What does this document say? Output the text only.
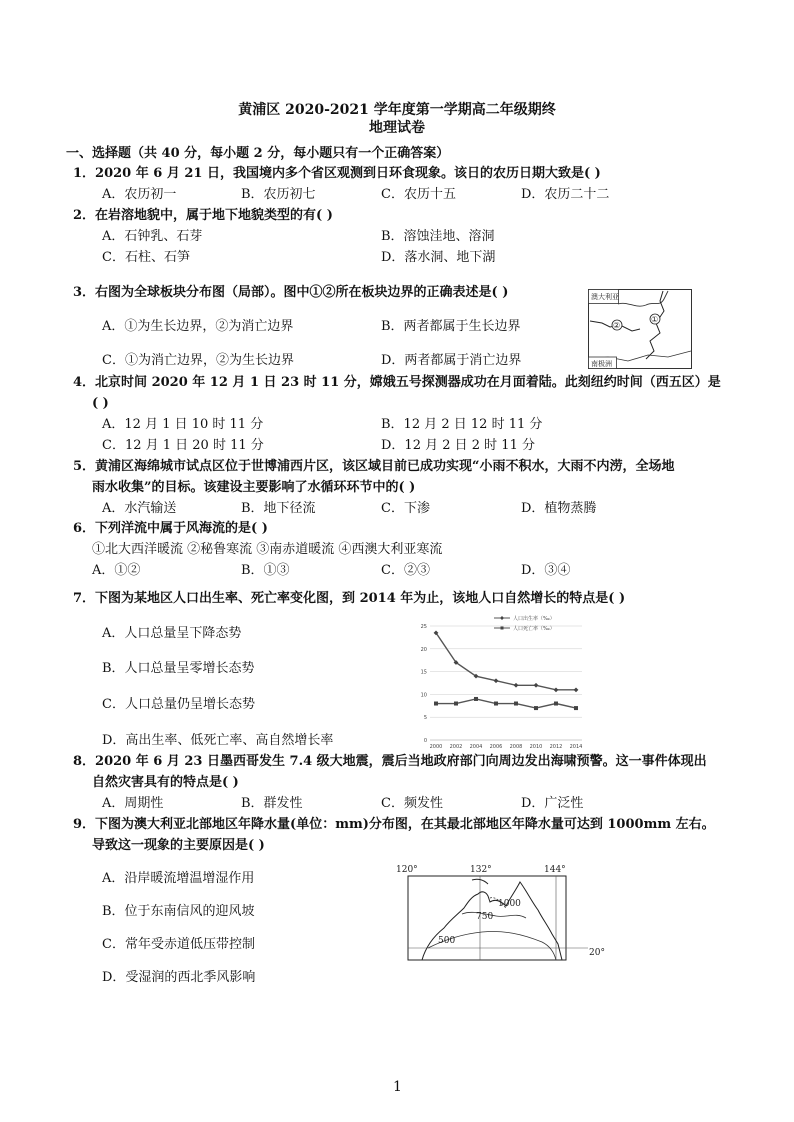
黄浦区 2020-2021 学年度第一学期高二年级期终
地理试卷
一、选择题（共 40 分，每小题 2 分，每小题只有一个正确答案）
1．2020 年 6 月 21 日，我国境内多个省区观测到日环食现象。该日的农历日期大致是( )
A．农历初一	B．农历初七	C．农历十五	D．农历二十二
2．在岩溶地貌中，属于地下地貌类型的有( )
A．石钟乳、石芽	B．溶蚀洼地、溶洞
C．石柱、石笋	D．落水洞、地下湖
3．右图为全球板块分布图（局部）。图中①②所在板块边界的正确表述是( )
A．①为生长边界，②为消亡边界	B．两者都属于生长边界
C．①为消亡边界，②为生长边界	D．两者都属于消亡边界
澳大利亚
①
②
南极洲
4．北京时间 2020 年 12 月 1 日 23 时 11 分，嫦娥五号探测器成功在月面着陆。此刻纽约时间（西五区）是
( )
A．12 月 1 日 10 时 11 分	B．12 月 2 日 12 时 11 分
C．12 月 1 日 20 时 11 分	D．12 月 2 日 2 时 11 分
5．黄浦区海绵城市试点区位于世博浦西片区，该区域目前已成功实现“小雨不积水，大雨不内涝，全场地
雨水收集”的目标。该建设主要影响了水循环环节中的( )
A．水汽输送	B．地下径流	C．下渗	D．植物蒸腾
6．下列洋流中属于风海流的是( )
①北大西洋暖流 ②秘鲁寒流 ③南赤道暖流 ④西澳大利亚寒流
A．①②	B．①③	C．②③	D．③④
7．下图为某地区人口出生率、死亡率变化图，到 2014 年为止，该地人口自然增长的特点是( )
A．人口总量呈下降态势
B．人口总量呈零增长态势
C．人口总量仍呈增长态势
D．高出生率、低死亡率、高自然增长率
25
20
15
10
5
0
2000 2002 2004 2006 2008 2010 2012 2014
人口出生率（‰）
人口死亡率（‰）
8．2020 年 6 月 23 日墨西哥发生 7.4 级大地震，震后当地政府部门向周边发出海啸预警。这一事件体现出
自然灾害具有的特点是( )
A．周期性	B．群发性	C．频发性	D．广泛性
9．下图为澳大利亚北部地区年降水量(单位：mm)分布图，在其最北部地区年降水量可达到 1000mm 左右。
导致这一现象的主要原因是( )
A．沿岸暖流增温增湿作用
B．位于东南信风的迎风坡
C．常年受赤道低压带控制
D．受湿润的西北季风影响
120°	132°	144°
20°
1000
750
500
1
